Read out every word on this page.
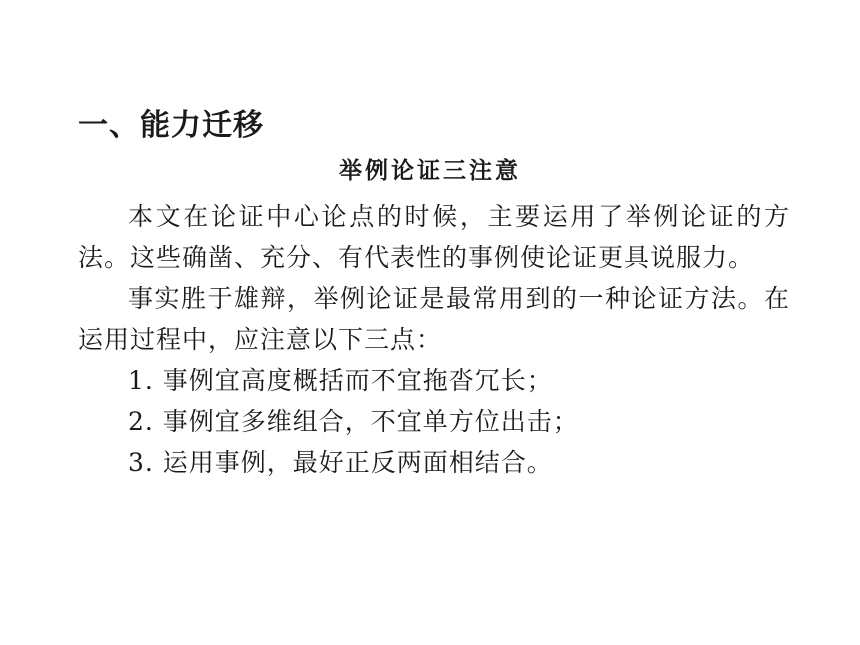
一、能力迁移
举例论证三注意

本文在论证中心论点的时候，主要运用了举例论证的方法。这些确凿、充分、有代表性的事例使论证更具说服力。

事实胜于雄辩，举例论证是最常用到的一种论证方法。在运用过程中，应注意以下三点：

1. 事例宜高度概括而不宜拖沓冗长；
2. 事例宜多维组合，不宜单方位出击；
3. 运用事例，最好正反两面相结合。
